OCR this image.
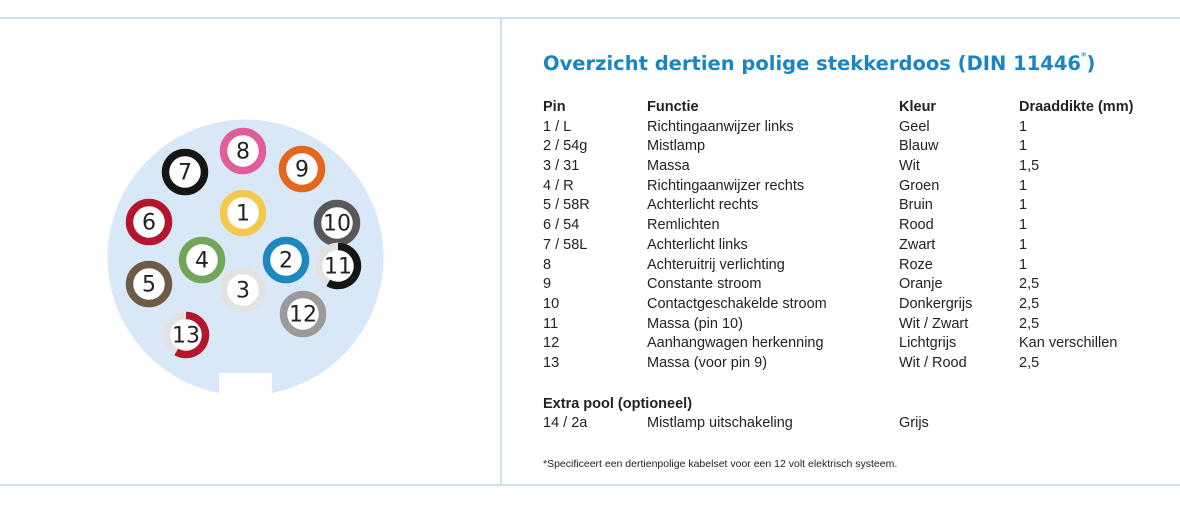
1
2
3
4
5
6
7
8
9
10
11
12
13
Overzicht dertien polige stekkerdoos (DIN 11446*)
Pin	Functie	Kleur	Draaddikte (mm)
1 / L	Richtingaanwijzer links	Geel	1
2 / 54g	Mistlamp	Blauw	1
3 / 31	Massa	Wit	1,5
4 / R	Richtingaanwijzer rechts	Groen	1
5 / 58R	Achterlicht rechts	Bruin	1
6 / 54	Remlichten	Rood	1
7 / 58L	Achterlicht links	Zwart	1
8	Achteruitrij verlichting	Roze	1
9	Constante stroom	Oranje	2,5
10	Contactgeschakelde stroom	Donkergrijs	2,5
11	Massa (pin 10)	Wit / Zwart	2,5
12	Aanhangwagen herkenning	Lichtgrijs	Kan verschillen
13	Massa (voor pin 9)	Wit / Rood	2,5
Extra pool (optioneel)
14 / 2a	Mistlamp uitschakeling	Grijs
*Specificeert een dertienpolige kabelset voor een 12 volt elektrisch systeem.
